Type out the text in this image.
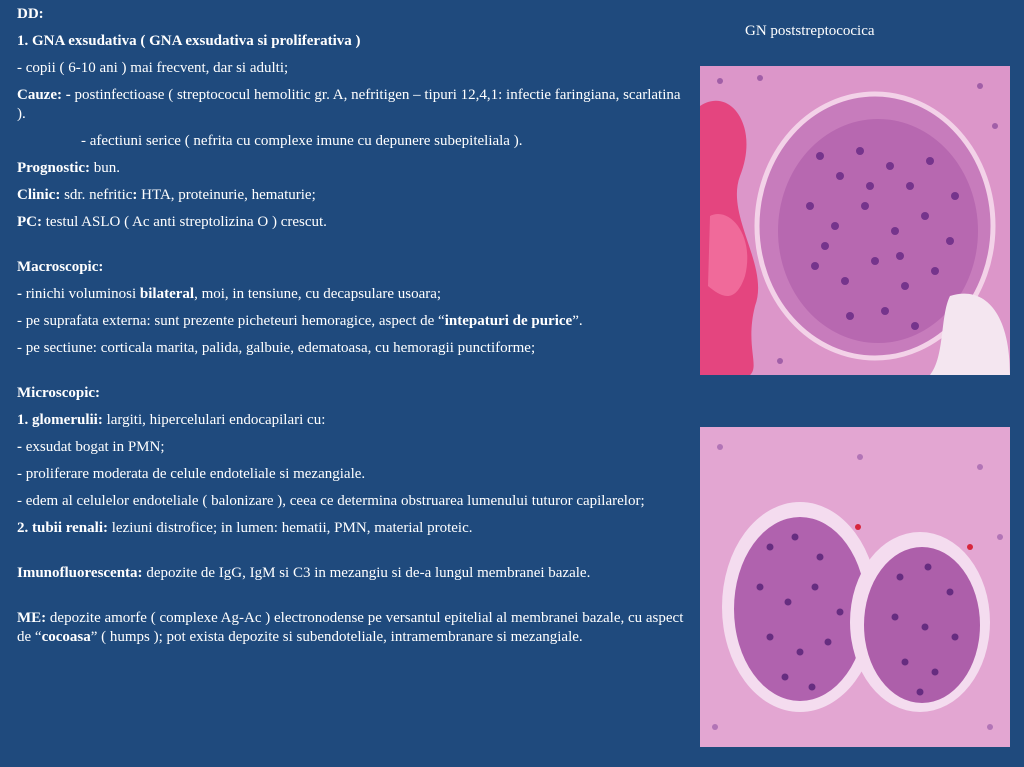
DD:

1. GNA exsudativa ( GNA exsudativa si proliferativa )

- copii ( 6-10 ani ) mai frecvent, dar si adulti;

Cauze: - postinfectioase ( streptococul hemolitic gr. A, nefritigen – tipuri 12,4,1: infectie faringiana, scarlatina ).

- afectiuni serice ( nefrita cu complexe imune cu depunere subepiteliala ).

Prognostic: bun.

Clinic: sdr. nefritic: HTA, proteinurie, hematurie;

PC: testul ASLO ( Ac anti streptolizina O ) crescut.

Macroscopic:

- rinichi voluminosi bilateral, moi, in tensiune, cu decapsulare usoara;

- pe suprafata externa: sunt prezente picheteuri hemoragice, aspect de “intepaturi de purice”.

- pe sectiune: corticala marita, palida, galbuie, edematoasa, cu hemoragii punctiforme;

Microscopic:

1. glomerulii: largiti, hipercelulari endocapilari cu:

- exsudat bogat in PMN;

- proliferare moderata de celule endoteliale si mezangiale.

- edem al celulelor endoteliale ( balonizare ), ceea ce determina obstruarea lumenului tuturor capilarelor;

2. tubii renali: leziuni distrofice; in lumen: hematii, PMN, material proteic.

Imunofluorescenta: depozite de IgG, IgM si C3 in mezangiu si de-a lungul membranei bazale.

ME: depozite amorfe ( complexe Ag-Ac ) electronodense pe versantul epitelial al membranei bazale, cu aspect de “cocoasa” ( humps ); pot exista depozite si subendoteliale, intramembranare si mezangiale.

GN poststreptococica
